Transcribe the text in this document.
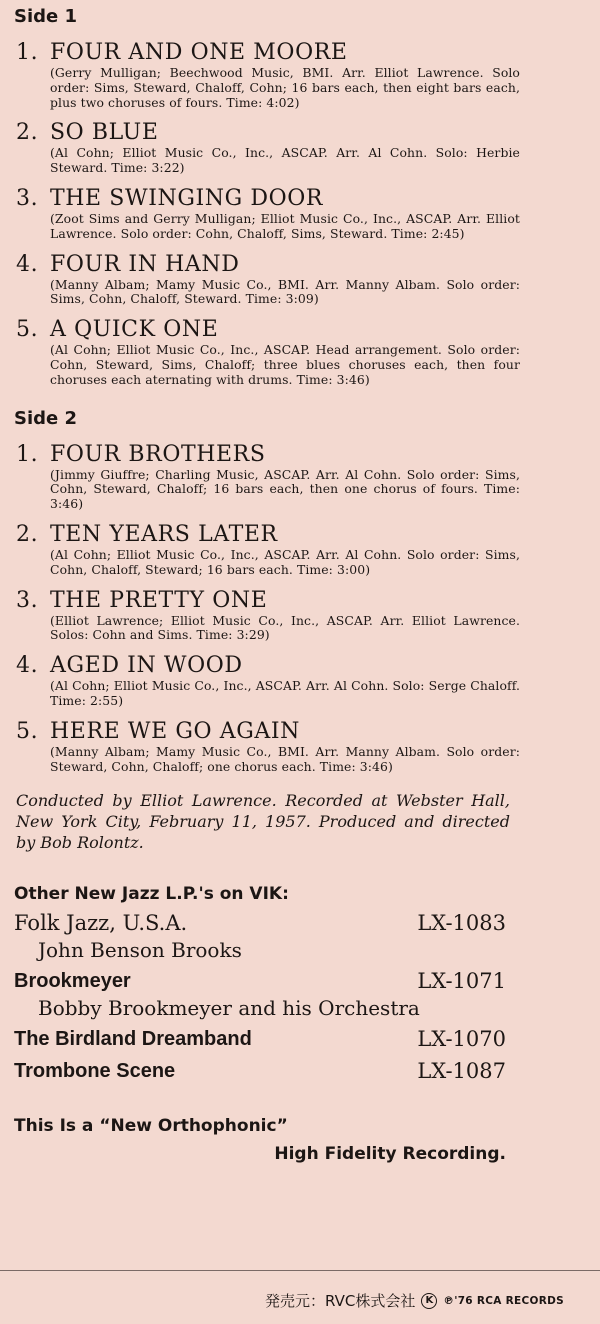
Side 1
1. FOUR AND ONE MOORE
(Gerry Mulligan; Beechwood Music, BMI. Arr. Elliot Lawrence. Solo order: Sims, Steward, Chaloff, Cohn; 16 bars each, then eight bars each, plus two choruses of fours. Time: 4:02)
2. SO BLUE
(Al Cohn; Elliot Music Co., Inc., ASCAP. Arr. Al Cohn. Solo: Herbie Steward. Time: 3:22)
3. THE SWINGING DOOR
(Zoot Sims and Gerry Mulligan; Elliot Music Co., Inc., ASCAP. Arr. Elliot Lawrence. Solo order: Cohn, Chaloff, Sims, Steward. Time: 2:45)
4. FOUR IN HAND
(Manny Albam; Mamy Music Co., BMI. Arr. Manny Albam. Solo order: Sims, Cohn, Chaloff, Steward. Time: 3:09)
5. A QUICK ONE
(Al Cohn; Elliot Music Co., Inc., ASCAP. Head arrangement. Solo order: Cohn, Steward, Sims, Chaloff; three blues choruses each, then four choruses each aternating with drums. Time: 3:46)
Side 2
1. FOUR BROTHERS
(Jimmy Giuffre; Charling Music, ASCAP. Arr. Al Cohn. Solo order: Sims, Cohn, Steward, Chaloff; 16 bars each, then one chorus of fours. Time: 3:46)
2. TEN YEARS LATER
(Al Cohn; Elliot Music Co., Inc., ASCAP. Arr. Al Cohn. Solo order: Sims, Cohn, Chaloff, Steward; 16 bars each. Time: 3:00)
3. THE PRETTY ONE
(Elliot Lawrence; Elliot Music Co., Inc., ASCAP. Arr. Elliot Lawrence. Solos: Cohn and Sims. Time: 3:29)
4. AGED IN WOOD
(Al Cohn; Elliot Music Co., Inc., ASCAP. Arr. Al Cohn. Solo: Serge Chaloff. Time: 2:55)
5. HERE WE GO AGAIN
(Manny Albam; Mamy Music Co., BMI. Arr. Manny Albam. Solo order: Steward, Cohn, Chaloff; one chorus each. Time: 3:46)
Conducted by Elliot Lawrence. Recorded at Webster Hall, New York City, February 11, 1957. Produced and directed by Bob Rolontz.
Other New Jazz L.P.'s on VIK:
Folk Jazz, U.S.A.	LX-1083
John Benson Brooks
Brookmeyer	LX-1071
Bobby Brookmeyer and his Orchestra
The Birdland Dreamband	LX-1070
Trombone Scene	LX-1087
This Is a “New Orthophonic”
High Fidelity Recording.
発売元：RVC株式会社	K ℗'76 RCA RECORDS
